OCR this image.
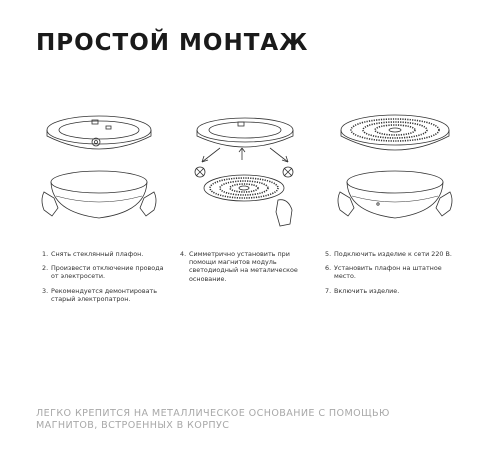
ПРОСТОЙ МОНТАЖ
1. Снять стеклянный плафон.
2. Произвести отключение провода от электросети.
3. Рекомендуется демонтировать старый электропатрон.
4. Симметрично установить при помощи магнитов модуль светодиодный на металическое основание.
5. Подключить изделие к сети 220 В.
6. Установить плафон на штатное место.
7. Включить изделие.
ЛЕГКО КРЕПИТСЯ НА МЕТАЛЛИЧЕСКОЕ ОСНОВАНИЕ С ПОМОЩЬЮ
МАГНИТОВ, ВСТРОЕННЫХ В КОРПУС
